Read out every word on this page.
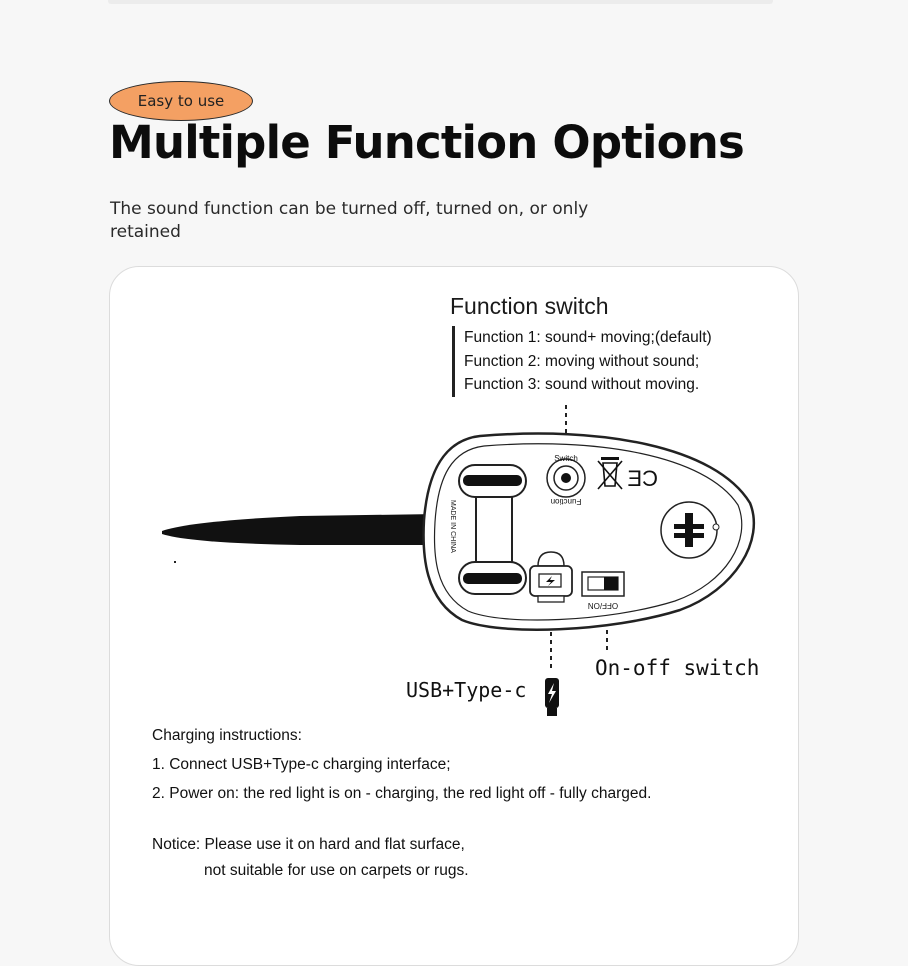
Easy to use
Multiple Function Options

The sound function can be turned off, turned on, or only retained

Function switch
Function 1: sound+ moving;(default)
Function 2: moving without sound;
Function 3: sound without moving.
MADE IN CHINA
Switch
Function
CE
OFF/ON
On-off switch
USB+Type-c
Charging instructions:
1. Connect USB+Type-c charging interface;
2. Power on: the red light is on - charging, the red light off - fully charged.
Notice: Please use it on hard and flat surface,
not suitable for use on carpets or rugs.
